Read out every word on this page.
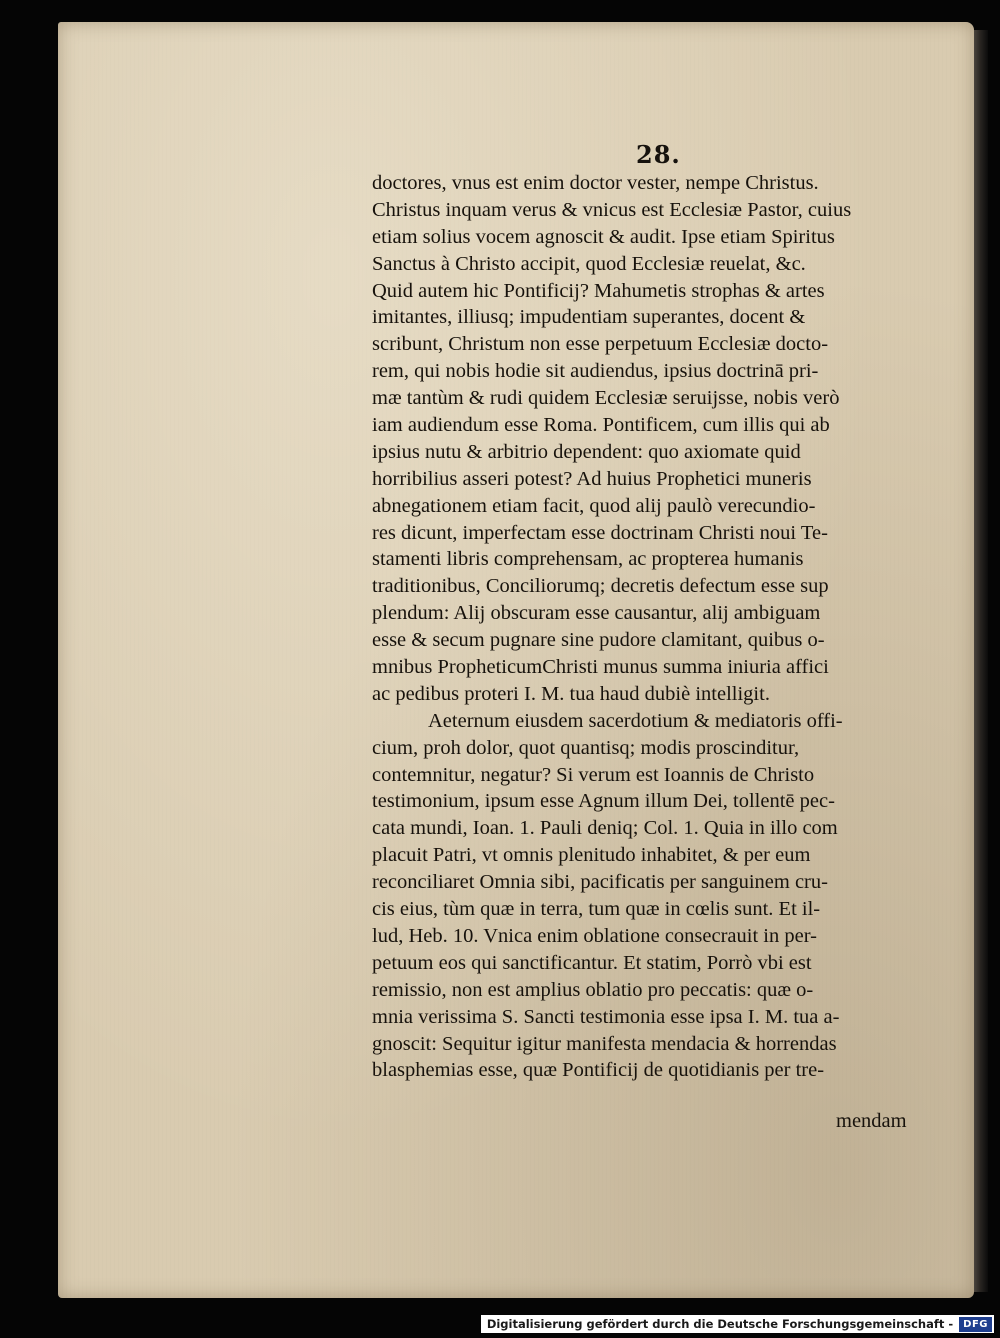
28.
doctores, vnus est enim doctor vester, nempe Christus.
Christus inquam verus & vnicus est Ecclesiæ Pastor, cuius
etiam solius vocem agnoscit & audit. Ipse etiam Spiritus
Sanctus à Christo accipit, quod Ecclesiæ reuelat, &c.
Quid autem hic Pontificij? Mahumetis strophas & artes
imitantes, illiusq; impudentiam superantes, docent &
scribunt, Christum non esse perpetuum Ecclesiæ docto-
rem, qui nobis hodie sit audiendus, ipsius doctrinā pri-
mæ tantùm & rudi quidem Ecclesiæ seruijsse, nobis verò
iam audiendum esse Roma. Pontificem, cum illis qui ab
ipsius nutu & arbitrio dependent: quo axiomate quid
horribilius asseri potest? Ad huius Prophetici muneris
abnegationem etiam facit, quod alij paulò verecundio-
res dicunt, imperfectam esse doctrinam Christi noui Te-
stamenti libris comprehensam, ac propterea humanis
traditionibus, Conciliorumq; decretis defectum esse sup
plendum: Alij obscuram esse causantur, alij ambiguam
esse & secum pugnare sine pudore clamitant, quibus o-
mnibus PropheticumChristi munus summa iniuria affici
ac pedibus proteri I. M. tua haud dubiè intelligit.
Aeternum eiusdem sacerdotium & mediatoris offi-
cium, proh dolor, quot quantisq; modis proscinditur,
contemnitur, negatur? Si verum est Ioannis de Christo
testimonium, ipsum esse Agnum illum Dei, tollentē pec-
cata mundi, Ioan. 1. Pauli deniq; Col. 1. Quia in illo com
placuit Patri, vt omnis plenitudo inhabitet, & per eum
reconciliaret Omnia sibi, pacificatis per sanguinem cru-
cis eius, tùm quæ in terra, tum quæ in cœlis sunt. Et il-
lud, Heb. 10. Vnica enim oblatione consecrauit in per-
petuum eos qui sanctificantur. Et statim, Porrò vbi est
remissio, non est amplius oblatio pro peccatis: quæ o-
mnia verissima S. Sancti testimonia esse ipsa I. M. tua a-
gnoscit: Sequitur igitur manifesta mendacia & horrendas
blasphemias esse, quæ Pontificij de quotidianis per tre-
mendam
Digitalisierung gefördert durch die Deutsche Forschungsgemeinschaft -	DFG
